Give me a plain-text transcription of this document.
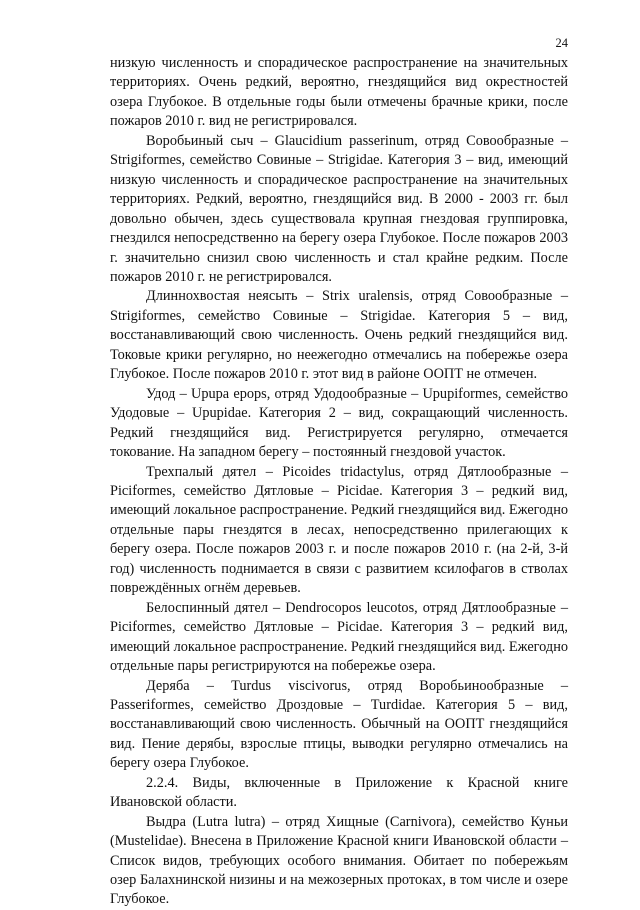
24

низкую численность и спорадическое распространение на значительных территориях. Очень редкий, вероятно, гнездящийся вид окрестностей озера Глубокое. В отдельные годы были отмечены брачные крики, после пожаров 2010 г. вид не регистрировался.

Воробьиный сыч – Glaucidium passerinum, отряд Совообразные – Strigiformes, семейство Совиные – Strigidae. Категория 3 – вид, имеющий низкую численность и спорадическое распространение на значительных территориях. Редкий, вероятно, гнездящийся вид. В 2000 - 2003 гг. был довольно обычен, здесь существовала крупная гнездовая группировка, гнездился непосредственно на берегу озера Глубокое. После пожаров 2003 г. значительно снизил свою численность и стал крайне редким. После пожаров 2010 г. не регистрировался.

Длиннохвостая неясыть – Strix uralensis, отряд Совообразные – Strigiformes, семейство Совиные – Strigidae. Категория 5 – вид, восстанавливающий свою численность. Очень редкий гнездящийся вид. Токовые крики регулярно, но неежегодно отмечались на побережье озера Глубокое. После пожаров 2010 г. этот вид в районе ООПТ не отмечен.

Удод – Upupa epops, отряд Удодообразные – Upupiformes, семейство Удодовые – Upupidae. Категория 2 – вид, сокращающий численность. Редкий гнездящийся вид. Регистрируется регулярно, отмечается токование. На западном берегу – постоянный гнездовой участок.

Трехпалый дятел – Picoides tridactylus, отряд Дятлообразные – Piciformes, семейство Дятловые – Picidae. Категория 3 – редкий вид, имеющий локальное распространение. Редкий гнездящийся вид. Ежегодно отдельные пары гнездятся в лесах, непосредственно прилегающих к берегу озера. После пожаров 2003 г. и после пожаров 2010 г. (на 2-й, 3-й год) численность поднимается в связи с развитием ксилофагов в стволах повреждённых огнём деревьев.

Белоспинный дятел – Dendrocopos leucotos, отряд Дятлообразные – Piciformes, семейство Дятловые – Picidae. Категория 3 – редкий вид, имеющий локальное распространение. Редкий гнездящийся вид. Ежегодно отдельные пары регистрируются на побережье озера.

Деряба – Turdus viscivorus, отряд Воробьинообразные – Passeriformes, семейство Дроздовые – Turdidae. Категория 5 – вид, восстанавливающий свою численность. Обычный на ООПТ гнездящийся вид. Пение дерябы, взрослые птицы, выводки регулярно отмечались на берегу озера Глубокое.

2.2.4. Виды, включенные в Приложение к Красной книге Ивановской области.

Выдра (Lutra lutra) – отряд Хищные (Carnivora), семейство Куньи (Mustelidae). Внесена в Приложение Красной книги Ивановской области – Список видов, требующих особого внимания. Обитает по побережьям озер Балахнинской низины и на межозерных протоках, в том числе и озере Глубокое.
